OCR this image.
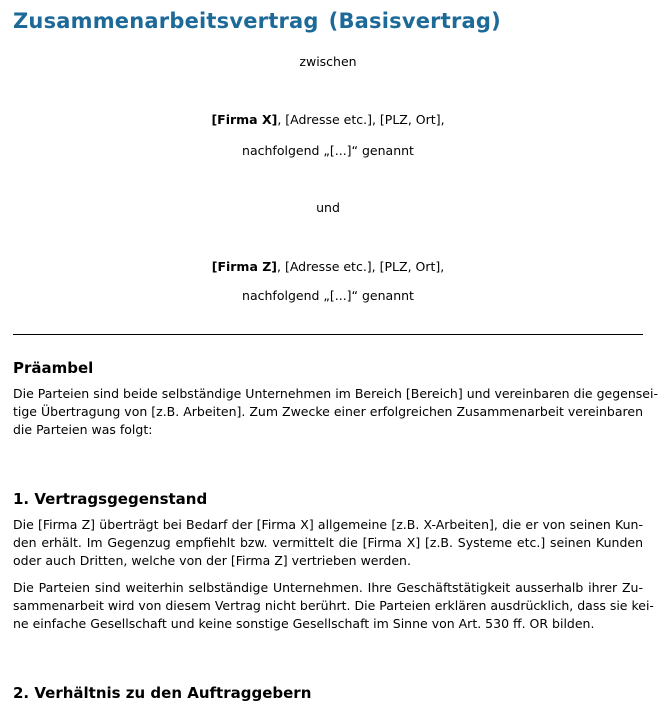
Zusammenarbeitsvertrag (Basisvertrag)
zwischen
[Firma X], [Adresse etc.], [PLZ, Ort],
nachfolgend „[...]“ genannt
und
[Firma Z], [Adresse etc.], [PLZ, Ort],
nachfolgend „[...]“ genannt
Präambel
Die Parteien sind beide selbständige Unternehmen im Bereich [Bereich] und vereinbaren die gegensei-
tige Übertragung von [z.B. Arbeiten]. Zum Zwecke einer erfolgreichen Zusammenarbeit vereinbaren
die Parteien was folgt:
1. Vertragsgegenstand
Die [Firma Z] überträgt bei Bedarf der [Firma X] allgemeine [z.B. X-Arbeiten], die er von seinen Kun-
den erhält. Im Gegenzug empfiehlt bzw. vermittelt die [Firma X] [z.B. Systeme etc.] seinen Kunden
oder auch Dritten, welche von der [Firma Z] vertrieben werden.
Die Parteien sind weiterhin selbständige Unternehmen. Ihre Geschäftstätigkeit ausserhalb ihrer Zu-
sammenarbeit wird von diesem Vertrag nicht berührt. Die Parteien erklären ausdrücklich, dass sie kei-
ne einfache Gesellschaft und keine sonstige Gesellschaft im Sinne von Art. 530 ff. OR bilden.
2. Verhältnis zu den Auftraggebern
